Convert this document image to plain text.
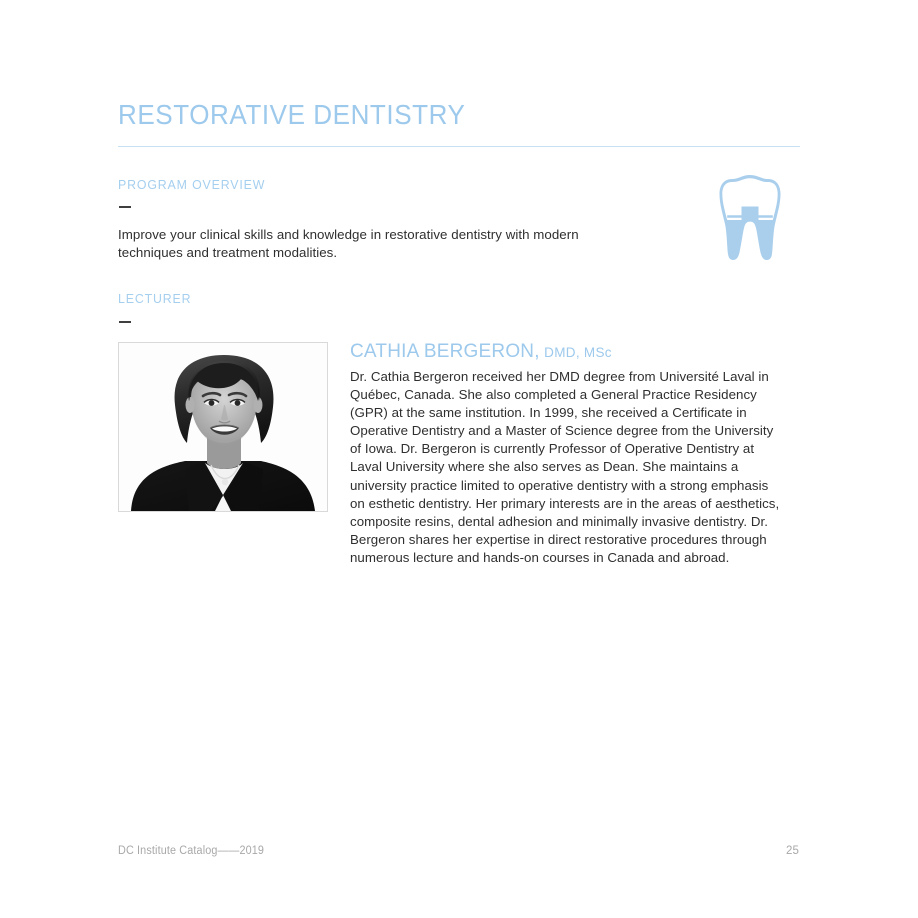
RESTORATIVE DENTISTRY
PROGRAM OVERVIEW
Improve your clinical skills and knowledge in restorative dentistry with modern techniques and treatment modalities.
LECTURER
CATHIA BERGERON, DMD, MSc
Dr. Cathia Bergeron received her DMD degree from Université Laval in Québec, Canada. She also completed a General Practice Residency (GPR) at the same institution. In 1999, she received a Certificate in Operative Dentistry and a Master of Science degree from the University of Iowa. Dr. Bergeron is currently Professor of Operative Dentistry at Laval University where she also serves as Dean. She maintains a university practice limited to operative dentistry with a strong emphasis on esthetic dentistry. Her primary interests are in the areas of aesthetics, composite resins, dental adhesion and minimally invasive dentistry. Dr. Bergeron shares her expertise in direct restorative procedures through numerous lecture and hands-on courses in Canada and abroad.
DC Institute Catalog——2019	25
